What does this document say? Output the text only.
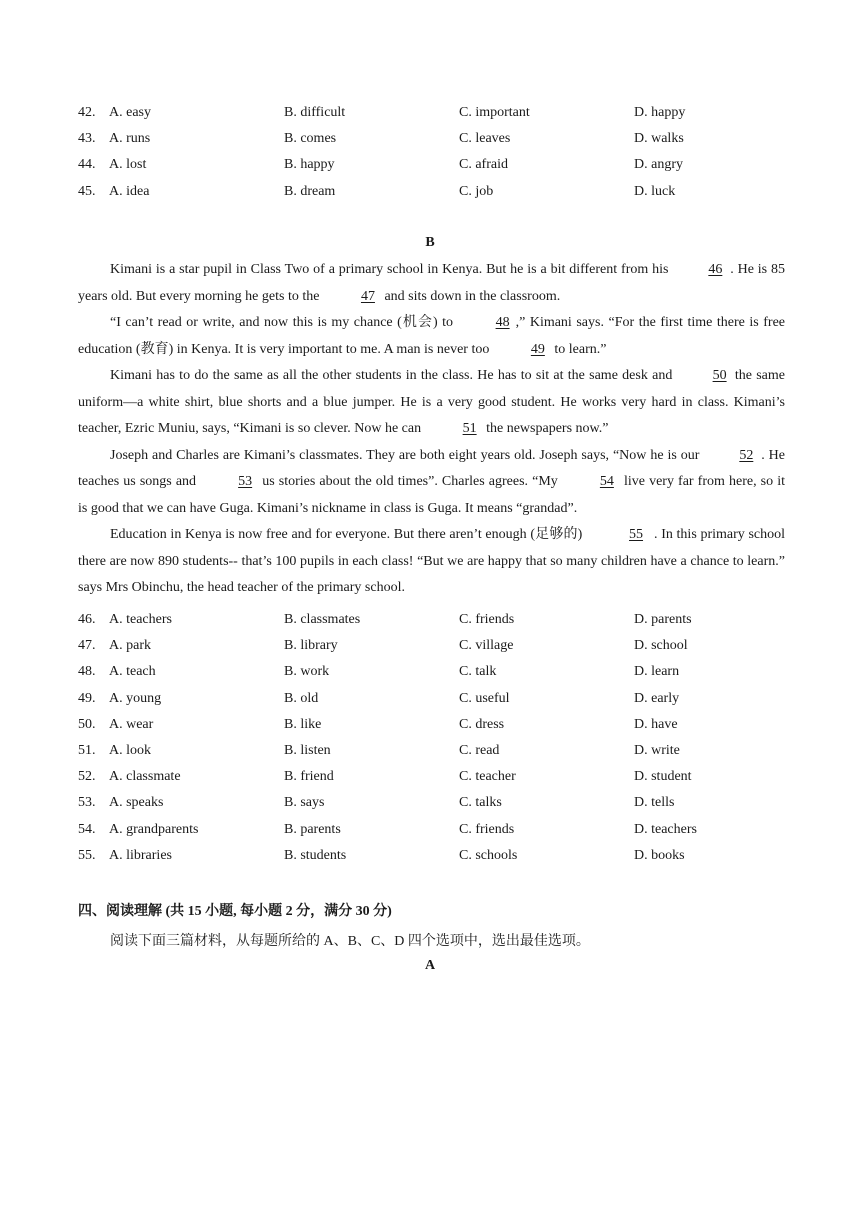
42. A. easy	B. difficult	C. important	D. happy
43. A. runs	B. comes	C. leaves	D. walks
44. A. lost	B. happy	C. afraid	D. angry
45. A. idea	B. dream	C. job	D. luck
B

Kimani is a star pupil in Class Two of a primary school in Kenya. But he is a bit different from his	46 . He is 85 years old. But every morning he gets to the	47 and sits down in the classroom.

“I can’t read or write, and now this is my chance (机会) to	48 ,” Kimani says. “For the first time there is free education (教育) in Kenya. It is very important to me. A man is never too	49 to learn.”

Kimani has to do the same as all the other students in the class. He has to sit at the same desk and	50 the same uniform—a white shirt, blue shorts and a blue jumper. He is a very good student. He works very hard in class. Kimani’s teacher, Ezric Muniu, says, “Kimani is so clever. Now he can	51 the newspapers now.”

Joseph and Charles are Kimani’s classmates. They are both eight years old. Joseph says, “Now he is our	52 . He teaches us songs and	53 us stories about the old times”. Charles agrees. “My	54 live very far from here, so it is good that we can have Guga. Kimani’s nickname in class is Guga. It means “grandad”.

Education in Kenya is now free and for everyone. But there aren’t enough (足够的)	55 . In this primary school there are now 890 students-- that’s 100 pupils in each class! “But we are happy that so many children have a chance to learn.” says Mrs Obinchu, the head teacher of the primary school.

46. A. teachers	B. classmates	C. friends	D. parents
47. A. park	B. library	C. village	D. school
48. A. teach	B. work	C. talk	D. learn
49. A. young	B. old	C. useful	D. early
50. A. wear	B. like	C. dress	D. have
51. A. look	B. listen	C. read	D. write
52. A. classmate	B. friend	C. teacher	D. student
53. A. speaks	B. says	C. talks	D. tells
54. A. grandparents	B. parents	C. friends	D. teachers
55. A. libraries	B. students	C. schools	D. books
四、阅读理解 (共 15 小题, 每小题 2 分，满分 30 分)
阅读下面三篇材料，从每题所给的 A、B、C、D 四个选项中，选出最佳选项。
A
